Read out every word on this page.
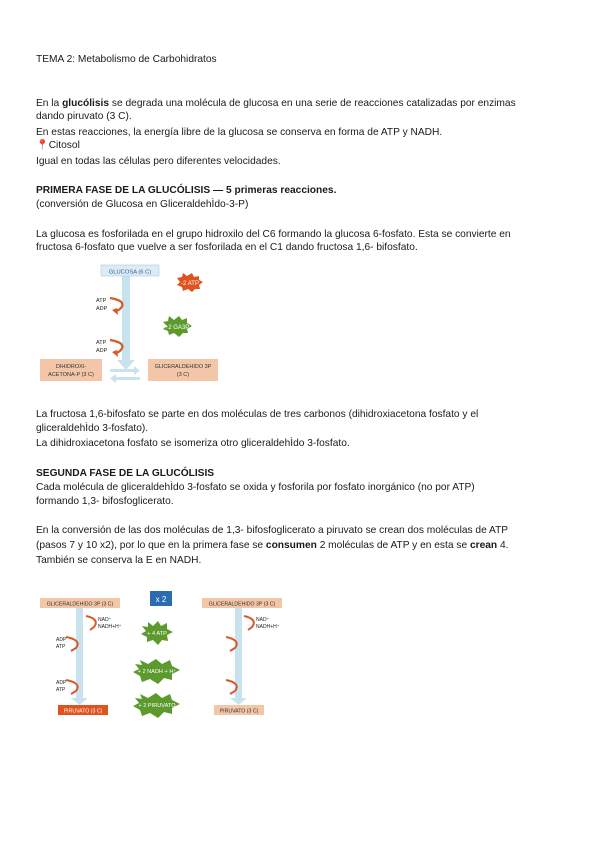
TEMA 2: Metabolismo de Carbohidratos
En la glucólisis se degrada una molécula de glucosa en una serie de reacciones catalizadas por enzimas
dando piruvato (3 C).
En estas reacciones, la energía libre de la glucosa se conserva en forma de ATP y NADH.
📍Citosol
Igual en todas las células pero diferentes velocidades.
PRIMERA FASE DE LA GLUCÓLISIS — 5 primeras reacciones.
(conversión de Glucosa en GliceraldehÌdo-3-P)
La glucosa es fosforilada en el grupo hidroxilo del C6 formando la glucosa 6-fosfato. Esta se convierte en
fructosa 6-fosfato que vuelve a ser fosforilada en el C1 dando fructosa 1,6- bifosfato.
GLUCOSA (6 C)
ATP
ADP
ATP
ADP
-2 ATP
+2 GA3P
DIHIDROXI-
ACETONA-P (3 C)
GLICERALDEHIDO 3P
(3 C)
La fructosa 1,6-bifosfato se parte en dos moléculas de tres carbonos (dihidroxiacetona fosfato y el
gliceraldehÌdo 3-fosfato).
La dihidroxiacetona fosfato se isomeriza otro gliceraldehÌdo 3-fosfato.
SEGUNDA FASE DE LA GLUCÓLISIS
Cada molécula de gliceraldehÌdo 3-fosfato se oxida y fosforila por fosfato inorgánico (no por ATP)
formando 1,3- bifosfoglicerato.
En la conversión de las dos moléculas de 1,3- bifosfoglicerato a piruvato se crean dos moléculas de ATP
(pasos 7 y 10 x2), por lo que en la primera fase se consumen 2 moléculas de ATP y en esta se crean 4.
También se conserva la E en NADH.
GLICERALDEHIDO 3P (3 C)
NAD⁺
NADH+H⁺
ADP
ATP
ADP
ATP
PIRUVATO (3 C)
x 2
+ 4 ATP
+ 2 NADH + H⁺
+ 2 PIRUVATO
GLICERALDEHIDO 3P (3 C)
NAD⁺
NADH+H⁺
PIRUVATO (3 C)
